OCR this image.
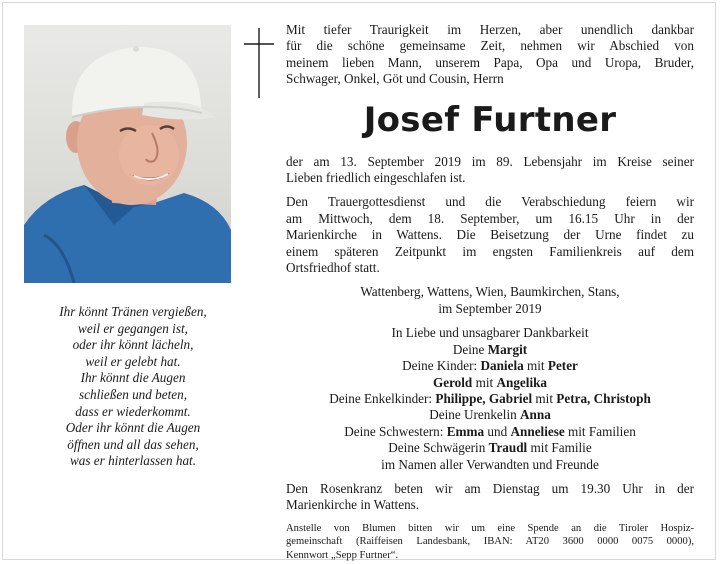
Ihr könnt Tränen vergießen,
weil er gegangen ist,
oder ihr könnt lächeln,
weil er gelebt hat.
Ihr könnt die Augen
schließen und beten,
dass er wiederkommt.
Oder ihr könnt die Augen
öffnen und all das sehen,
was er hinterlassen hat.
Mit tiefer Traurigkeit im Herzen, aber unendlich dankbar
für die schöne gemeinsame Zeit, nehmen wir Abschied von
meinem lieben Mann, unserem Papa, Opa und Uropa, Bruder,
Schwager, Onkel, Göt und Cousin, Herrn
Josef Furtner
der am 13. September 2019 im 89. Lebensjahr im Kreise seiner
Lieben friedlich eingeschlafen ist.
Den Trauergottesdienst und die Verabschiedung feiern wir
am Mittwoch, dem 18. September, um 16.15 Uhr in der
Marienkirche in Wattens. Die Beisetzung der Urne findet zu
einem späteren Zeitpunkt im engsten Familienkreis auf dem
Ortsfriedhof statt.
Wattenberg, Wattens, Wien, Baumkirchen, Stans,
im September 2019
In Liebe und unsagbarer Dankbarkeit
Deine Margit
Deine Kinder: Daniela mit Peter
Gerold mit Angelika
Deine Enkelkinder: Philippe, Gabriel mit Petra, Christoph
Deine Urenkelin Anna
Deine Schwestern: Emma und Anneliese mit Familien
Deine Schwägerin Traudl mit Familie
im Namen aller Verwandten und Freunde
Den Rosenkranz beten wir am Dienstag um 19.30 Uhr in der
Marienkirche in Wattens.
Anstelle von Blumen bitten wir um eine Spende an die Tiroler Hospiz-
gemeinschaft (Raiffeisen Landesbank, IBAN: AT20 3600 0000 0075 0000),
Kennwort „Sepp Furtner“.
